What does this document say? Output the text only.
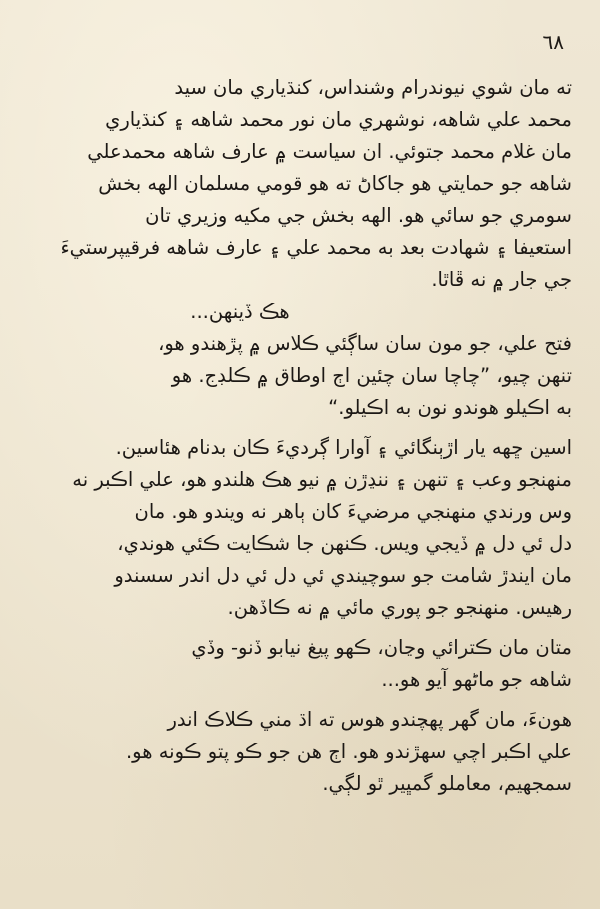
٦٨

ته مان شوي نيوندرام وشنداس، کنڌياري مان سيد
محمد علي شاهه، نوشهري مان نور محمد شاهه ۽ کنڌياري
مان غلام محمد جتوئي. ان سياست ۾ عارف شاهه محمدعلي
شاهه جو حمايتي هو جاکاڻ ته هو قومي مسلمان الهه بخش
سومري جو سائي هو. الهه بخش جي مکيه وزيري تان
استعيفا ۽ شهادت بعد به محمد علي ۽ عارف شاهه فرقيپرستيءَ
جي جار ۾ نه ڦاٿا.

هڪ ڏينهن...

فتح علي، جو مون سان ساڳئي ڪلاس ۾ پڙهندو هو،
تنهن چيو، ”چاچا سان چئين اڄ اوطاق ۾ ڪلڊج. هو
به اڪيلو هوندو نون به اڪيلو.“

اسين ڇهه يار اڙٻنگائي ۽ آوارا ڳرديءَ ڪان بدنام هئاسين.
منهنجو وعب ۽ تنهن ۽ ننڍڙن ۾ نيو هڪ هلندو هو، علي اڪبر نه
وس ورندي منهنجي مرضيءَ کان ٻاهر نه ويندو هو. مان
دل ئي دل ۾ ڏيجي ويس. ڪنهن جا شڪايت ڪئي هوندي،
مان ايندڙ شامت جو سوچيندي ئي دل ئي دل اندر سسندو
رهيس. منهنجو جو پوري مائي ۾ نه ڪاڏهن.

متان مان ڪترائي وڃان، ڪهو پيغ نيابو ڏنو- وڏي
شاهه جو ماڻهو آيو هو...

هونءَ، مان گهر پهچندو هوس ته اڌ مني ڪلاڪ اندر
علي اڪبر اچي سهڙندو هو. اڄ هن جو ڪو پتو ڪونه هو.
سمجهيم، معاملو گمڀير ٿو لڳي.
